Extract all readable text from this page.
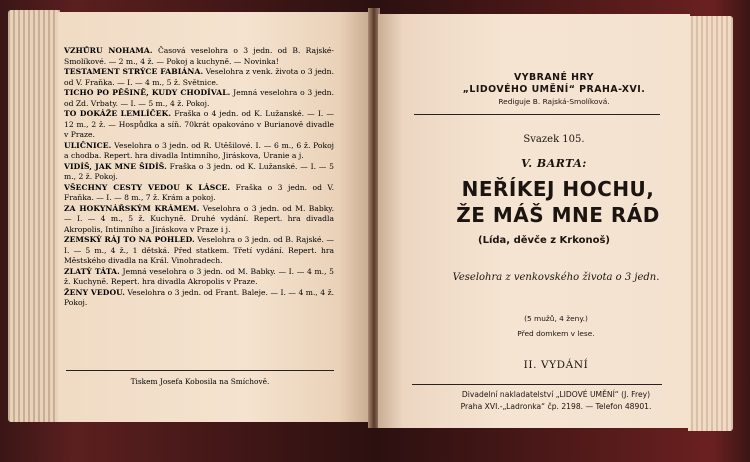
VZHŮRU NOHAMA. Časová veselohra o 3 jedn. od B. Rajské-Smolíkové. — 2 m., 4 ž. — Pokoj a kuchyně. — Novinka!

TESTAMENT STRÝCE FABIÁNA. Veselohra z venk. života o 3 jedn. od V. Fraňka. — I. — 4 m., 5 ž. Světnice.

TICHO PO PĚŠINĚ, KUDY CHODÍVAL. Jemná veselohra o 3 jedn. od Zd. Vrbaty. — I. — 5 m., 4 ž. Pokoj.

TO DOKÁŽE LEMLÍČEK. Fraška o 4 jedn. od K. Lužanské. — I. — 12 m., 2 ž. — Hospůdka a síň. 70krát opakováno v Burianově divadle v Praze.

ULIČNICE. Veselohra o 3 jedn. od R. Utěšilové. I. — 6 m., 6 ž. Pokoj a chodba. Repert. hra divadla Intimního, Jiráskova, Uranie a j.

VIDÍŠ, JAK MNE ŠIDÍŠ. Fraška o 3 jedn. od K. Lužanské. — I. — 5 m., 2 ž. Pokoj.

VŠECHNY CESTY VEDOU K LÁSCE. Fraška o 3 jedn. od V. Fraňka. — I. — 8 m., 7 ž. Krám a pokoj.

ZA HOKYNÁŘSKÝM KRÁMEM. Veselohra o 3 jedn. od M. Babky. — I. — 4 m., 5 ž. Kuchyně. Druhé vydání. Repert. hra divadla Akropolis, Intimního a Jiráskova v Praze i j.

ZEMSKÝ RÁJ TO NA POHLED. Veselohra o 3 jedn. od B. Rajské. — I. — 5 m., 4 ž., 1 dětská. Před statkem. Třetí vydání. Repert. hra Městského divadla na Král. Vinohradech.

ZLATÝ TÁTA. Jemná veselohra o 3 jedn. od M. Babky. — I. — 4 m., 5 ž. Kuchyně. Repert. hra divadla Akropolis v Praze.

ŽENY VEDOU. Veselohra o 3 jedn. od Frant. Baleje. — I. — 4 m., 4 ž. Pokoj.

Tiskem Josefa Kobosila na Smíchově.
VYBRANÉ HRY
„LIDOVÉHO UMĚNÍ“ PRAHA-XVI.
Rediguje B. Rajská-Smolíková.
Svazek 105.
V. BARTA:
NEŘÍKEJ HOCHU,
ŽE MÁŠ MNE RÁD
(Lída, děvče z Krkonoš)
Veselohra z venkovského života o 3 jedn.
(5 mužů, 4 ženy.)
Před domkem v lese.
II. VYDÁNÍ
Divadelní nakladatelství „LIDOVÉ UMĚNÍ“ (J. Frey)
Praha XVI.-„Ladronka“ čp. 2198. — Telefon 48901.
